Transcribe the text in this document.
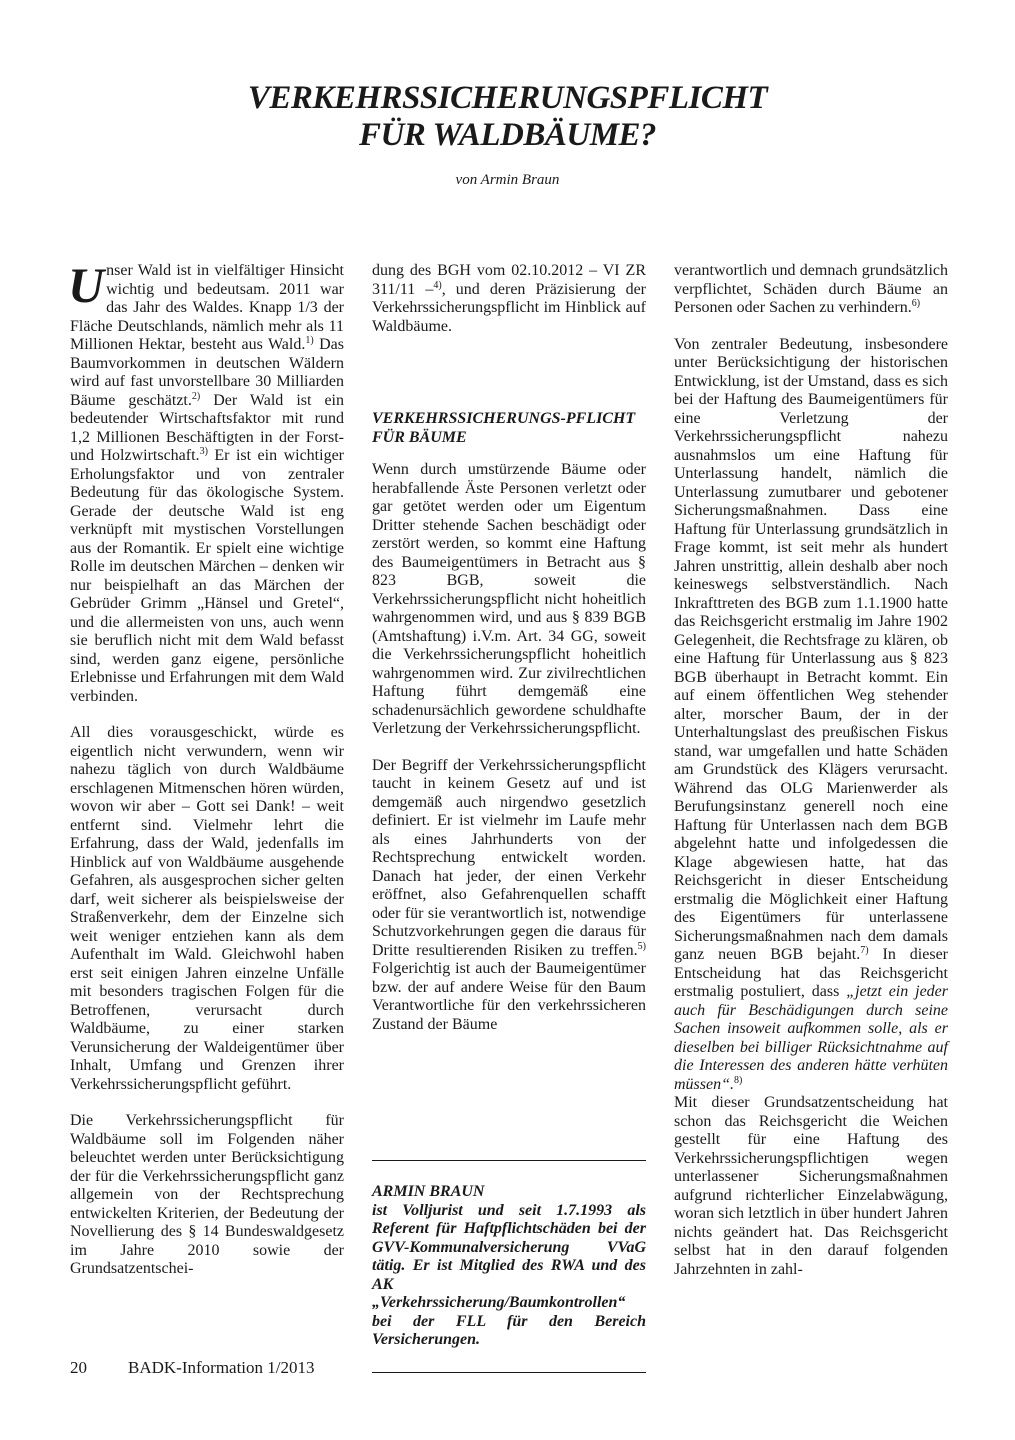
VERKEHRSSICHERUNGSPFLICHT
FÜR WALDBÄUME?
von Armin Braun

Unser Wald ist in vielfältiger Hinsicht wichtig und bedeutsam. 2011 war das Jahr des Waldes. Knapp 1/3 der Fläche Deutschlands, nämlich mehr als 11 Millionen Hektar, besteht aus Wald.$^{1)}$ Das Baumvorkommen in deutschen Wäldern wird auf fast unvorstellbare 30 Milliarden Bäume geschätzt.$^{2)}$ Der Wald ist ein bedeutender Wirtschaftsfaktor mit rund 1,2 Millionen Beschäftigten in der Forst- und Holzwirtschaft.$^{3)}$ Er ist ein wichtiger Erholungsfaktor und von zentraler Bedeutung für das ökologische System. Gerade der deutsche Wald ist eng verknüpft mit mystischen Vorstellungen aus der Romantik. Er spielt eine wichtige Rolle im deutschen Märchen – denken wir nur beispielhaft an das Märchen der Gebrüder Grimm „Hänsel und Gretel“, und die allermeisten von uns, auch wenn sie beruflich nicht mit dem Wald befasst sind, werden ganz eigene, persönliche Erlebnisse und Erfahrungen mit dem Wald verbinden.

All dies vorausgeschickt, würde es eigentlich nicht verwundern, wenn wir nahezu täglich von durch Waldbäume erschlagenen Mitmenschen hören würden, wovon wir aber – Gott sei Dank! – weit entfernt sind. Vielmehr lehrt die Erfahrung, dass der Wald, jedenfalls im Hinblick auf von Waldbäume ausgehende Gefahren, als ausgesprochen sicher gelten darf, weit sicherer als beispielsweise der Straßenverkehr, dem der Einzelne sich weit weniger entziehen kann als dem Aufenthalt im Wald. Gleichwohl haben erst seit einigen Jahren einzelne Unfälle mit besonders tragischen Folgen für die Betroffenen, verursacht durch Waldbäume, zu einer starken Verunsicherung der Waldeigentümer über Inhalt, Umfang und Grenzen ihrer Verkehrssicherungspflicht geführt.

Die Verkehrssicherungspflicht für Waldbäume soll im Folgenden näher beleuchtet werden unter Berücksichtigung der für die Verkehrssicherungspflicht ganz allgemein von der Rechtsprechung entwickelten Kriterien, der Bedeutung der Novellierung des § 14 Bundeswaldgesetz im Jahre 2010 sowie der Grundsatzentschei-

dung des BGH vom 02.10.2012 – VI ZR 311/11 –$^{4)}$, und deren Präzisierung der Verkehrssicherungspflicht im Hinblick auf Waldbäume.

VERKEHRSSICHERUNGS-PFLICHT FÜR BÄUME

Wenn durch umstürzende Bäume oder herabfallende Äste Personen verletzt oder gar getötet werden oder um Eigentum Dritter stehende Sachen beschädigt oder zerstört werden, so kommt eine Haftung des Baumeigentümers in Betracht aus § 823 BGB, soweit die Verkehrssicherungspflicht nicht hoheitlich wahrgenommen wird, und aus § 839 BGB (Amtshaftung) i.V.m. Art. 34 GG, soweit die Verkehrssicherungspflicht hoheitlich wahrgenommen wird. Zur zivilrechtlichen Haftung führt demgemäß eine schadenursächlich gewordene schuldhafte Verletzung der Verkehrssicherungspflicht.

Der Begriff der Verkehrssicherungspflicht taucht in keinem Gesetz auf und ist demgemäß auch nirgendwo gesetzlich definiert. Er ist vielmehr im Laufe mehr als eines Jahrhunderts von der Rechtsprechung entwickelt worden. Danach hat jeder, der einen Verkehr eröffnet, also Gefahrenquellen schafft oder für sie verantwortlich ist, notwendige Schutzvorkehrungen gegen die daraus für Dritte resultierenden Risiken zu treffen.$^{5)}$ Folgerichtig ist auch der Baumeigentümer bzw. der auf andere Weise für den Baum Verantwortliche für den verkehrssicheren Zustand der Bäume

ARMIN BRAUN
ist Volljurist und seit 1.7.1993 als Referent für Haftpflichtschäden bei der GVV-Kommunalversicherung VVaG tätig. Er ist Mitglied des RWA und des AK „Verkehrssicherung/Baumkontrollen“ bei der FLL für den Bereich Versicherungen.

verantwortlich und demnach grundsätzlich verpflichtet, Schäden durch Bäume an Personen oder Sachen zu verhindern.$^{6)}$

Von zentraler Bedeutung, insbesondere unter Berücksichtigung der historischen Entwicklung, ist der Umstand, dass es sich bei der Haftung des Baumeigentümers für eine Verletzung der Verkehrssicherungspflicht nahezu ausnahmslos um eine Haftung für Unterlassung handelt, nämlich die Unterlassung zumutbarer und gebotener Sicherungsmaßnahmen. Dass eine Haftung für Unterlassung grundsätzlich in Frage kommt, ist seit mehr als hundert Jahren unstrittig, allein deshalb aber noch keineswegs selbstverständlich. Nach Inkrafttreten des BGB zum 1.1.1900 hatte das Reichsgericht erstmalig im Jahre 1902 Gelegenheit, die Rechtsfrage zu klären, ob eine Haftung für Unterlassung aus § 823 BGB überhaupt in Betracht kommt. Ein auf einem öffentlichen Weg stehender alter, morscher Baum, der in der Unterhaltungslast des preußischen Fiskus stand, war umgefallen und hatte Schäden am Grundstück des Klägers verursacht. Während das OLG Marienwerder als Berufungsinstanz generell noch eine Haftung für Unterlassen nach dem BGB abgelehnt hatte und infolgedessen die Klage abgewiesen hatte, hat das Reichsgericht in dieser Entscheidung erstmalig die Möglichkeit einer Haftung des Eigentümers für unterlassene Sicherungsmaßnahmen nach dem damals ganz neuen BGB bejaht.$^{7)}$ In dieser Entscheidung hat das Reichsgericht erstmalig postuliert, dass „jetzt ein jeder auch für Beschädigungen durch seine Sachen insoweit aufkommen solle, als er dieselben bei billiger Rücksichtnahme auf die Interessen des anderen hätte verhüten müssen“.$^{8)}$

Mit dieser Grundsatzentscheidung hat schon das Reichsgericht die Weichen gestellt für eine Haftung des Verkehrssicherungspflichtigen wegen unterlassener Sicherungsmaßnahmen aufgrund richterlicher Einzelabwägung, woran sich letztlich in über hundert Jahren nichts geändert hat. Das Reichsgericht selbst hat in den darauf folgenden Jahrzehnten in zahl-

20 BADK-Information 1/2013
